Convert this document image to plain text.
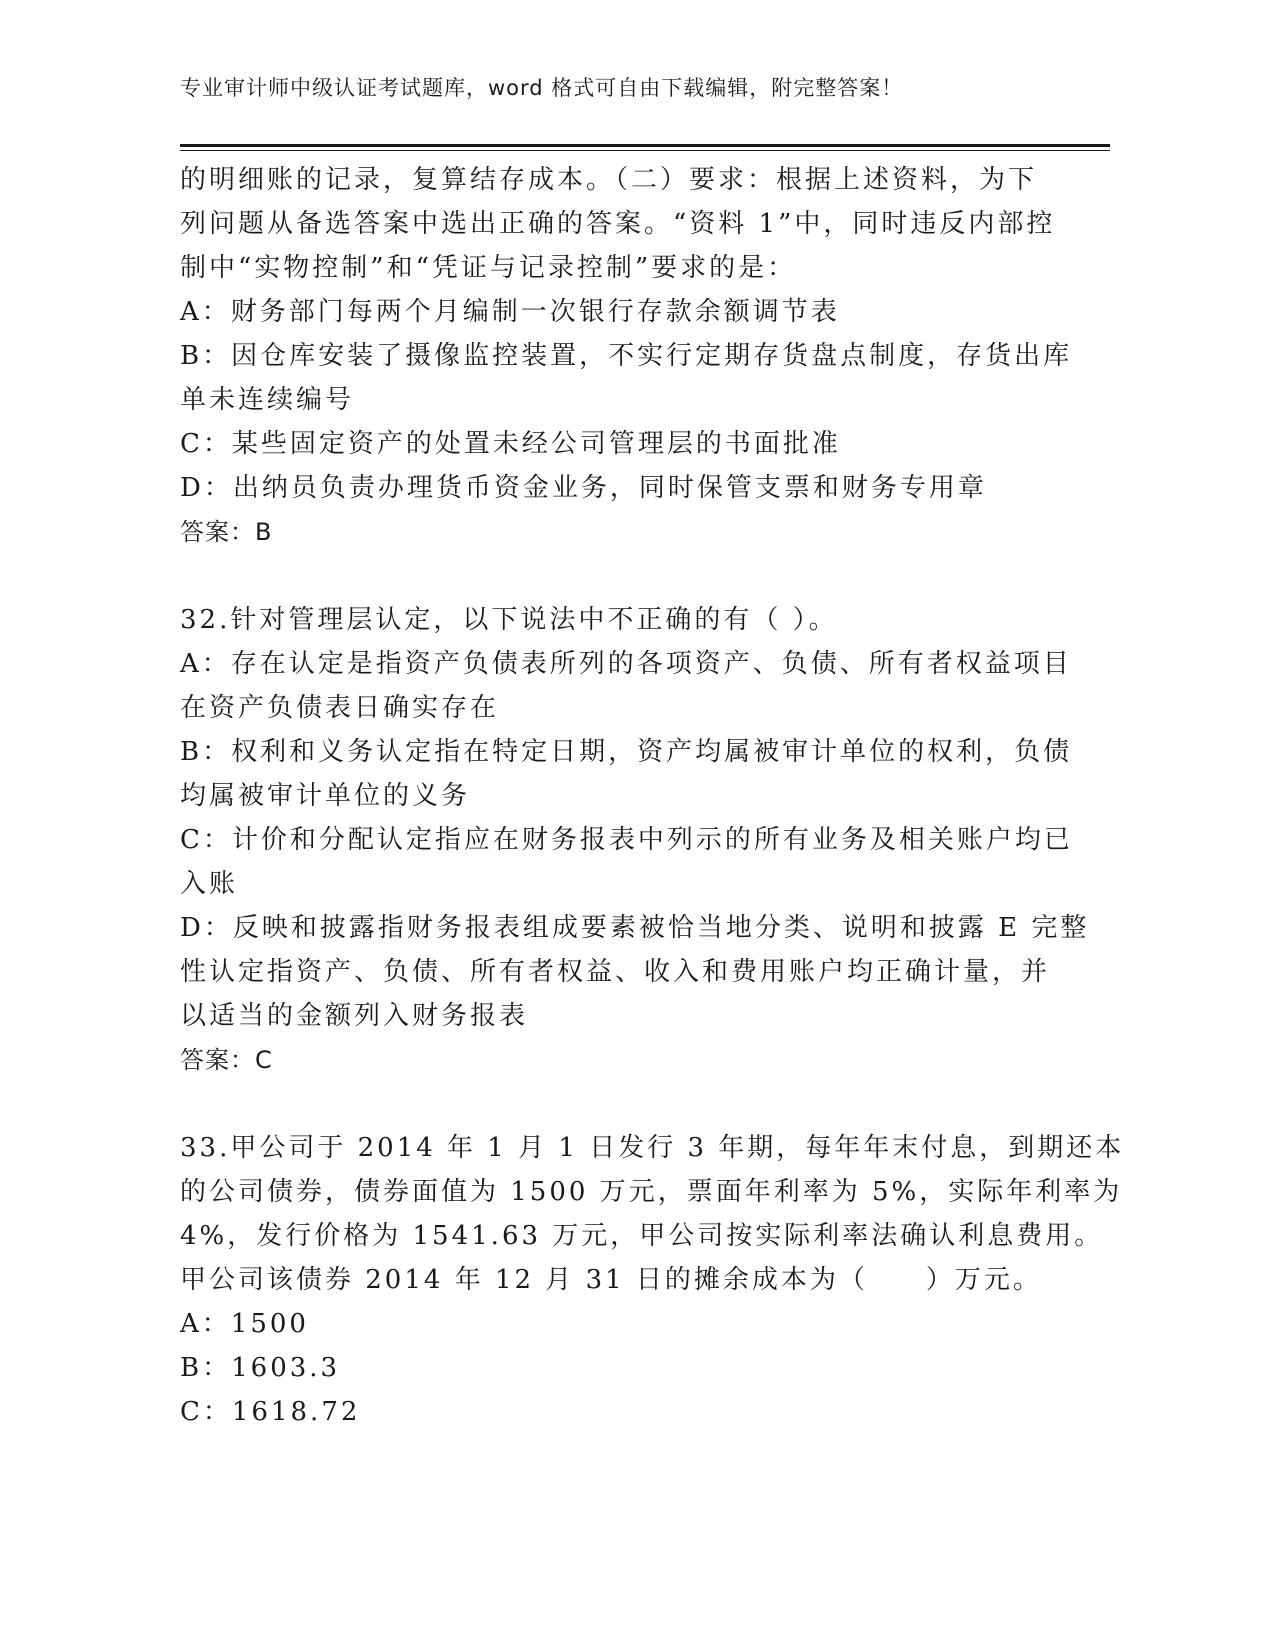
专业审计师中级认证考试题库，word 格式可自由下载编辑，附完整答案！

的明细账的记录，复算结存成本。（二）要求：根据上述资料，为下

列问题从备选答案中选出正确的答案。“资料 1”中，同时违反内部控

制中“实物控制”和“凭证与记录控制”要求的是：

A：财务部门每两个月编制一次银行存款余额调节表

B：因仓库安装了摄像监控装置，不实行定期存货盘点制度，存货出库

单未连续编号

C：某些固定资产的处置未经公司管理层的书面批准

D：出纳员负责办理货币资金业务，同时保管支票和财务专用章

答案：B

32.针对管理层认定，以下说法中不正确的有（ ）。

A：存在认定是指资产负债表所列的各项资产、负债、所有者权益项目

在资产负债表日确实存在

B：权利和义务认定指在特定日期，资产均属被审计单位的权利，负债

均属被审计单位的义务

C：计价和分配认定指应在财务报表中列示的所有业务及相关账户均已

入账

D：反映和披露指财务报表组成要素被恰当地分类、说明和披露 E 完整

性认定指资产、负债、所有者权益、收入和费用账户均正确计量，并

以适当的金额列入财务报表

答案：C

33.甲公司于 2014 年 1 月 1 日发行 3 年期，每年年末付息，到期还本

的公司债券，债券面值为 1500 万元，票面年利率为 5%，实际年利率为

4%，发行价格为 1541.63 万元，甲公司按实际利率法确认利息费用。

甲公司该债券 2014 年 12 月 31 日的摊余成本为（　　）万元。

A：1500

B：1603.3

C：1618.72
